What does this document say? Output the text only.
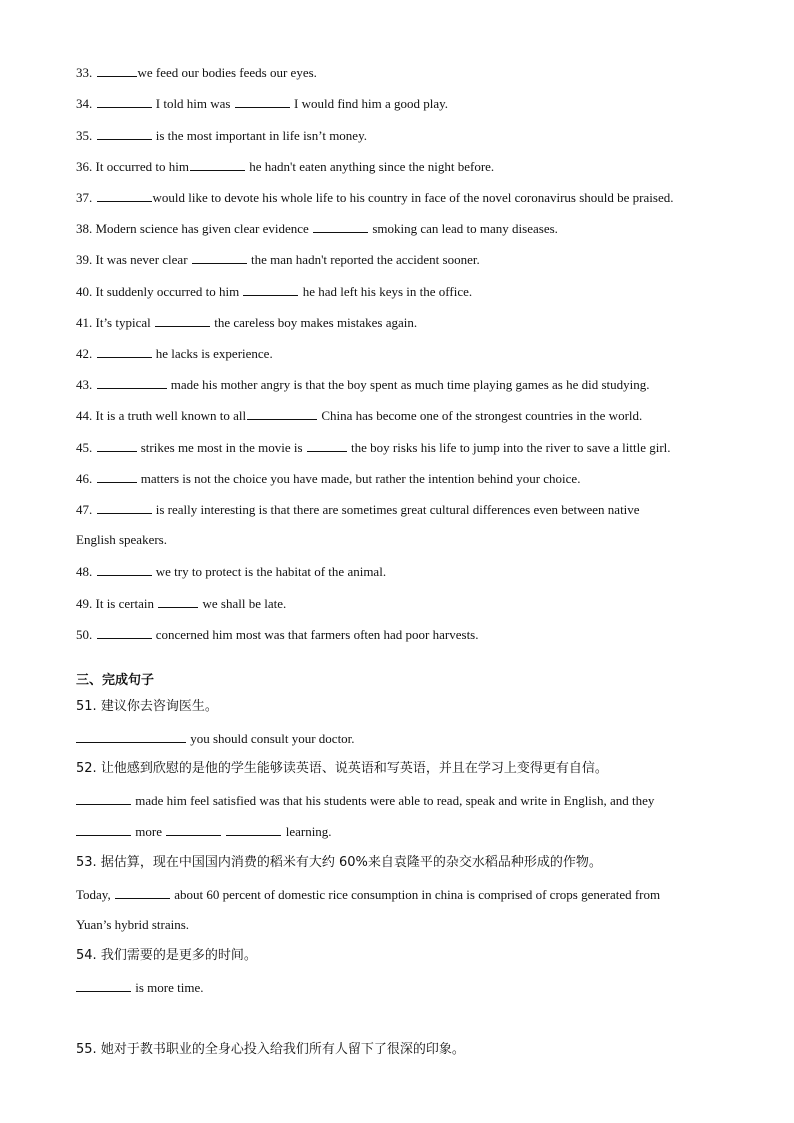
33.	we feed our bodies feeds our eyes.
34.	I told him was	I would find him a good play.
35.	is the most important in life isn’t money.
36. It occurred to him	he hadn't eaten anything since the night before.
37.	would like to devote his whole life to his country in face of the novel coronavirus should be praised.
38. Modern science has given clear evidence	smoking can lead to many diseases.
39. It was never clear	the man hadn't reported the accident sooner.
40. It suddenly occurred to him	he had left his keys in the office.
41. It’s typical	the careless boy makes mistakes again.
42.	he lacks is experience.
43.	made his mother angry is that the boy spent as much time playing games as he did studying.
44. It is a truth well known to all	China has become one of the strongest countries in the world.
45.	strikes me most in the movie is	the boy risks his life to jump into the river to save a little girl.
46.	matters is not the choice you have made, but rather the intention behind your choice.
47.	is really interesting is that there are sometimes great cultural differences even between native
English speakers.
48.	we try to protect is the habitat of the animal.
49. It is certain	we shall be late.
50.	concerned him most was that farmers often had poor harvests.
三、完成句子
51. 建议你去咨询医生。
you should consult your doctor.
52. 让他感到欣慰的是他的学生能够读英语、说英语和写英语，并且在学习上变得更有自信。
made him feel satisfied was that his students were able to read, speak and write in English, and they
more	learning.
53. 据估算，现在中国国内消费的稻米有大约 60%来自袁隆平的杂交水稻品种形成的作物。
Today,	about 60 percent of domestic rice consumption in china is comprised of crops generated from
Yuan’s hybrid strains.
54. 我们需要的是更多的时间。
is more time.
55. 她对于教书职业的全身心投入给我们所有人留下了很深的印象。
